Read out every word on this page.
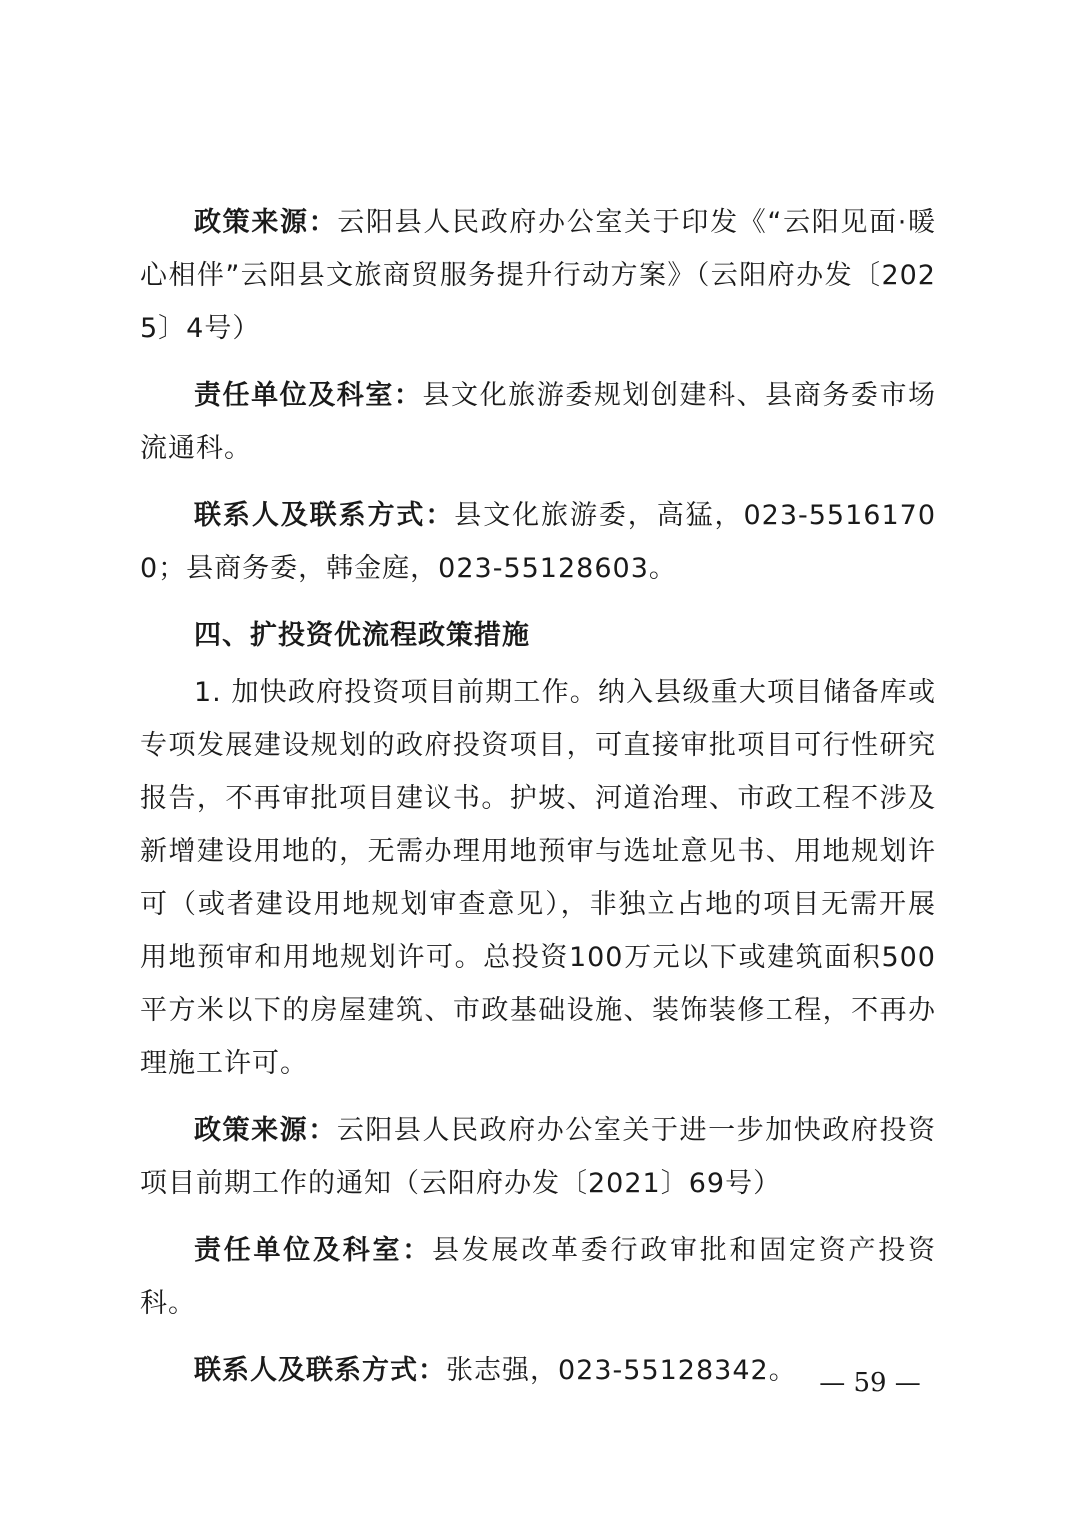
政策来源：云阳县人民政府办公室关于印发《“云阳见面·暖心相伴”云阳县文旅商贸服务提升行动方案》（云阳府办发〔2025〕4号）

责任单位及科室：县文化旅游委规划创建科、县商务委市场流通科。

联系人及联系方式：县文化旅游委，高猛，023-55161700；县商务委，韩金庭，023-55128603。

四、扩投资优流程政策措施

1. 加快政府投资项目前期工作。纳入县级重大项目储备库或专项发展建设规划的政府投资项目，可直接审批项目可行性研究报告，不再审批项目建议书。护坡、河道治理、市政工程不涉及新增建设用地的，无需办理用地预审与选址意见书、用地规划许可（或者建设用地规划审查意见），非独立占地的项目无需开展用地预审和用地规划许可。总投资100万元以下或建筑面积500平方米以下的房屋建筑、市政基础设施、装饰装修工程，不再办理施工许可。

政策来源：云阳县人民政府办公室关于进一步加快政府投资项目前期工作的通知（云阳府办发〔2021〕69号）

责任单位及科室：县发展改革委行政审批和固定资产投资科。

联系人及联系方式：张志强，023-55128342。 — 59 —
